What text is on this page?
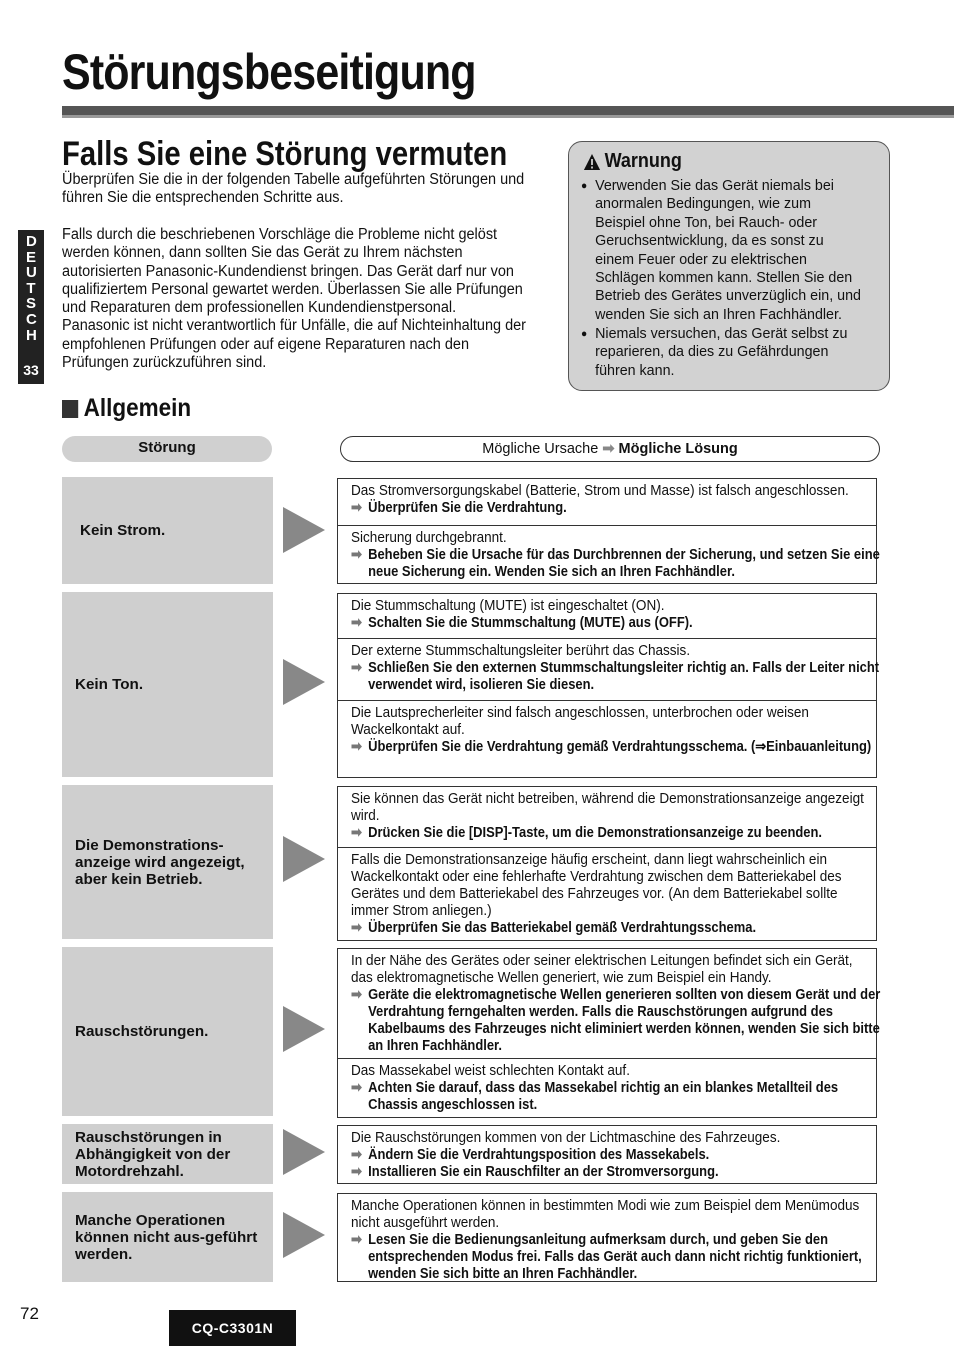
Störungsbeseitigung
DEUTSCH
33
Falls Sie eine Störung vermuten
Überprüfen Sie die in der folgenden Tabelle aufgeführten Störungen und führen Sie die entsprechenden Schritte aus.
Falls durch die beschriebenen Vorschläge die Probleme nicht gelöst werden können, dann sollten Sie das Gerät zu Ihrem nächsten autorisierten Panasonic-Kundendienst bringen. Das Gerät darf nur von qualifiziertem Personal gewartet werden. Überlassen Sie alle Prüfungen und Reparaturen dem professionellen Kundendienstpersonal.
Panasonic ist nicht verantwortlich für Unfälle, die auf Nichteinhaltung der empfohlenen Prüfungen oder auf eigene Reparaturen nach den Prüfungen zurückzuführen sind.
Warnung
● Verwenden Sie das Gerät niemals bei anormalen Bedingungen, wie zum Beispiel ohne Ton, bei Rauch- oder Geruchsentwicklung, da es sonst zu einem Feuer oder zu elektrischen Schlägen kommen kann. Stellen Sie den Betrieb des Gerätes unverzüglich ein, und wenden Sie sich an Ihren Fachhändler.
● Niemals versuchen, das Gerät selbst zu reparieren, da dies zu Gefährdungen führen kann.
Allgemein
Störung	Mögliche Ursache ➡ Mögliche Lösung
Kein Strom.
Das Stromversorgungskabel (Batterie, Strom und Masse) ist falsch angeschlossen.
➡ Überprüfen Sie die Verdrahtung.
Sicherung durchgebrannt.
➡ Beheben Sie die Ursache für das Durchbrennen der Sicherung, und setzen Sie eine neue Sicherung ein. Wenden Sie sich an Ihren Fachhändler.
Kein Ton.
Die Stummschaltung (MUTE) ist eingeschaltet (ON).
➡ Schalten Sie die Stummschaltung (MUTE) aus (OFF).
Der externe Stummschaltungsleiter berührt das Chassis.
➡ Schließen Sie den externen Stummschaltungsleiter richtig an. Falls der Leiter nicht verwendet wird, isolieren Sie diesen.
Die Lautsprecherleiter sind falsch angeschlossen, unterbrochen oder weisen Wackelkontakt auf.
➡ Überprüfen Sie die Verdrahtung gemäß Verdrahtungsschema. (⇒Einbauanleitung)
Die Demonstrations-anzeige wird angezeigt, aber kein Betrieb.
Sie können das Gerät nicht betreiben, während die Demonstrationsanzeige angezeigt wird.
➡ Drücken Sie die [DISP]-Taste, um die Demonstrationsanzeige zu beenden.
Falls die Demonstrationsanzeige häufig erscheint, dann liegt wahrscheinlich ein Wackelkontakt oder eine fehlerhafte Verdrahtung zwischen dem Batteriekabel des Gerätes und dem Batteriekabel des Fahrzeuges vor. (An dem Batteriekabel sollte immer Strom anliegen.)
➡ Überprüfen Sie das Batteriekabel gemäß Verdrahtungsschema.
Rauschstörungen.
In der Nähe des Gerätes oder seiner elektrischen Leitungen befindet sich ein Gerät, das elektromagnetische Wellen generiert, wie zum Beispiel ein Handy.
➡ Geräte die elektromagnetische Wellen generieren sollten von diesem Gerät und der Verdrahtung ferngehalten werden. Falls die Rauschstörungen aufgrund des Kabelbaums des Fahrzeuges nicht eliminiert werden können, wenden Sie sich bitte an Ihren Fachhändler.
Das Massekabel weist schlechten Kontakt auf.
➡ Achten Sie darauf, dass das Massekabel richtig an ein blankes Metallteil des Chassis angeschlossen ist.
Rauschstörungen in Abhängigkeit von der Motordrehzahl.
Die Rauschstörungen kommen von der Lichtmaschine des Fahrzeuges.
➡ Ändern Sie die Verdrahtungsposition des Massekabels.
➡ Installieren Sie ein Rauschfilter an der Stromversorgung.
Manche Operationen können nicht aus-geführt werden.
Manche Operationen können in bestimmten Modi wie zum Beispiel dem Menümodus nicht ausgeführt werden.
➡ Lesen Sie die Bedienungsanleitung aufmerksam durch, und geben Sie den entsprechenden Modus frei. Falls das Gerät auch dann nicht richtig funktioniert, wenden Sie sich bitte an Ihren Fachhändler.
72
CQ-C3301N
